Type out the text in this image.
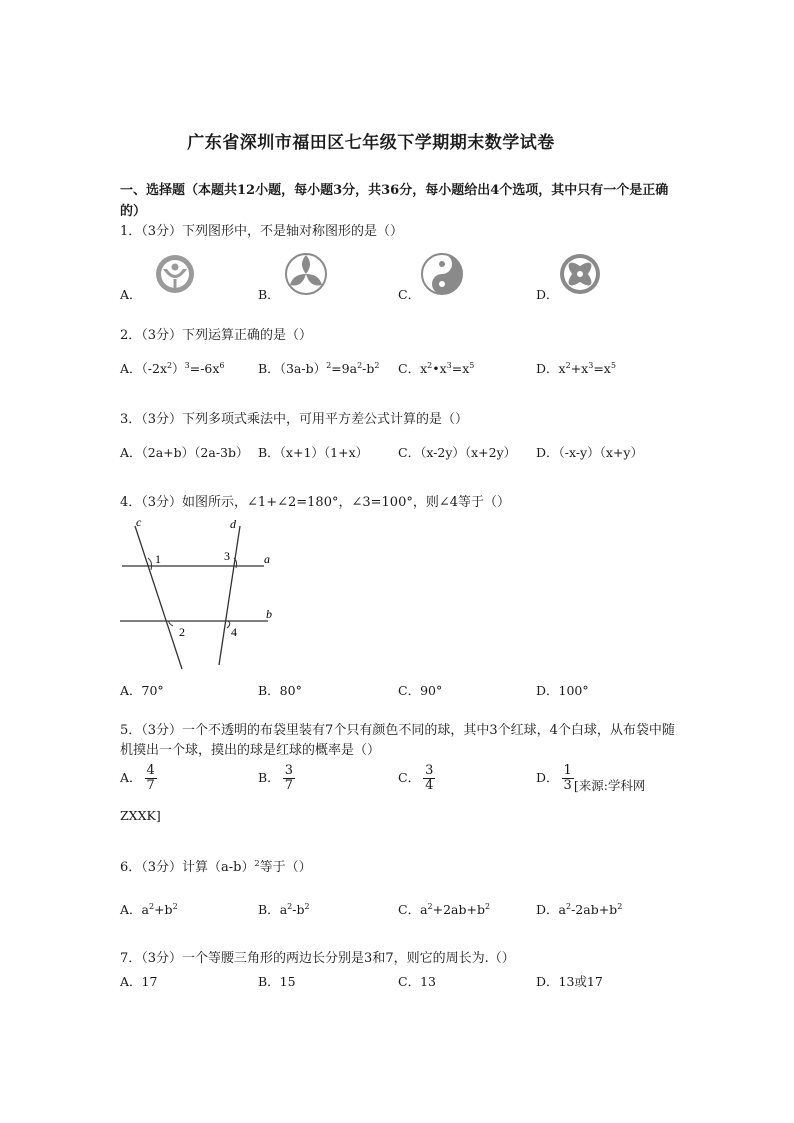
广东省深圳市福田区七年级下学期期末数学试卷
一、选择题（本题共12小题，每小题3分，共36分，每小题给出4个选项，其中只有一个是正确的）
1．（3分）下列图形中，不是轴对称图形的是（）
A．	B．	C．	D．
2．（3分）下列运算正确的是（）
A．$(-2x^2)^3=-6x^6$	B．$(3a-b)^2=9a^2-b^2$ C．$x^2•x^3=x^5$	D．$x^2+x^3=x^5$
3．（3分）下列多项式乘法中，可用平方差公式计算的是（）
A．（2a+b）（2a-3b） B．（x+1）（1+x） C．（x-2y）（x+2y） D．（-x-y）（x+y）
4．（3分）如图所示，∠1+∠2=180°，∠3=100°，则∠4等于（）
c	d
a
b
1
2
3
4
A．70°	B．80°	C．90°	D．100°
5．（3分）一个不透明的布袋里装有7个只有颜色不同的球，其中3个红球，4个白球，从布袋中随机摸出一个球，摸出的球是红球的概率是（）
A． $\frac{4}{7}$	B． $\frac{3}{7}$	C． $\frac{3}{4}$	D． $\frac{1}{3}$ [来源:学科网
ZXXK]
6．（3分）计算$(a-b)^2$等于（）
A．$a^2+b^2$	B．$a^2-b^2$	C．$a^2+2ab+b^2$	D．$a^2-2ab+b^2$
7．（3分）一个等腰三角形的两边长分别是3和7，则它的周长为.（）
A．17	B．15	C．13	D．13或17
